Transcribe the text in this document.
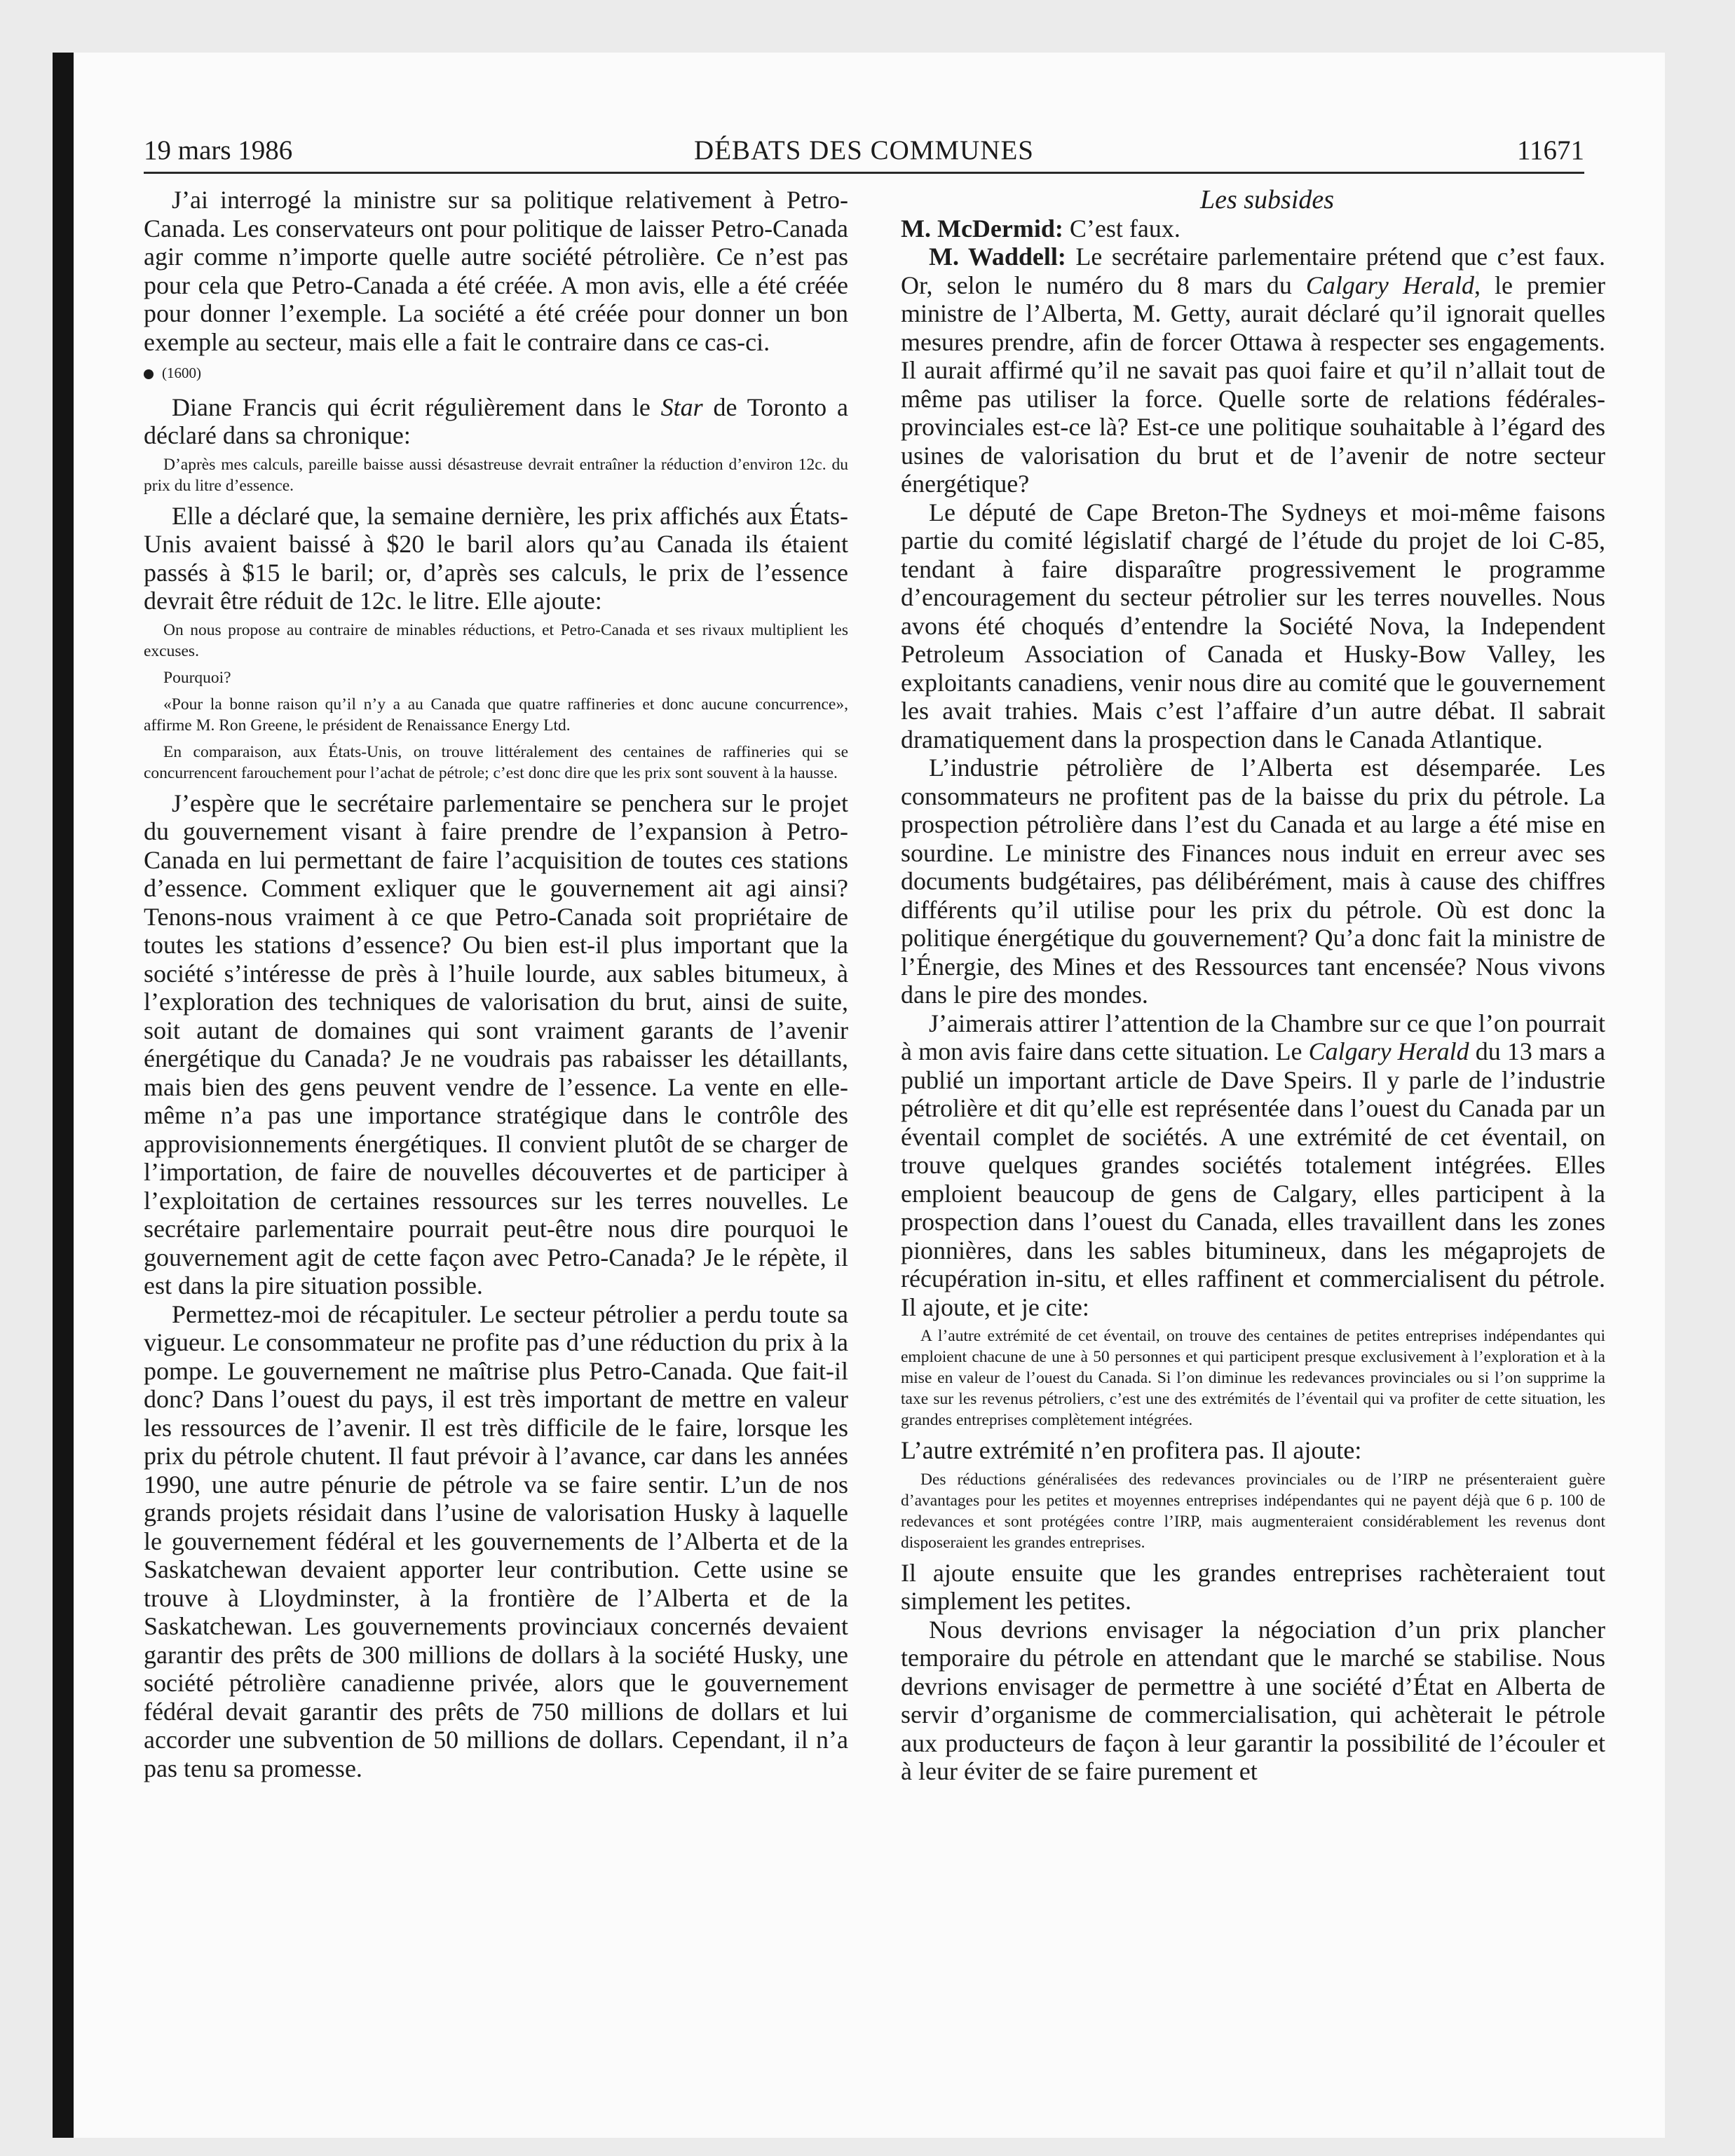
19 mars 1986	DÉBATS DES COMMUNES	11671

J’ai interrogé la ministre sur sa politique relativement à Petro-Canada. Les conservateurs ont pour politique de laisser Petro-Canada agir comme n’importe quelle autre société pétrolière. Ce n’est pas pour cela que Petro-Canada a été créée. A mon avis, elle a été créée pour donner l’exemple. La société a été créée pour donner un bon exemple au secteur, mais elle a fait le contraire dans ce cas-ci.

(1600)

Diane Francis qui écrit régulièrement dans le Star de Toronto a déclaré dans sa chronique:

D’après mes calculs, pareille baisse aussi désastreuse devrait entraîner la réduction d’environ 12c. du prix du litre d’essence.

Elle a déclaré que, la semaine dernière, les prix affichés aux États-Unis avaient baissé à $20 le baril alors qu’au Canada ils étaient passés à $15 le baril; or, d’après ses calculs, le prix de l’essence devrait être réduit de 12c. le litre. Elle ajoute:

On nous propose au contraire de minables réductions, et Petro-Canada et ses rivaux multiplient les excuses.

Pourquoi?

«Pour la bonne raison qu’il n’y a au Canada que quatre raffineries et donc aucune concurrence», affirme M. Ron Greene, le président de Renaissance Energy Ltd.

En comparaison, aux États-Unis, on trouve littéralement des centaines de raffineries qui se concurrencent farouchement pour l’achat de pétrole; c’est donc dire que les prix sont souvent à la hausse.

J’espère que le secrétaire parlementaire se penchera sur le projet du gouvernement visant à faire prendre de l’expansion à Petro-Canada en lui permettant de faire l’acquisition de toutes ces stations d’essence. Comment exliquer que le gouvernement ait agi ainsi? Tenons-nous vraiment à ce que Petro-Canada soit propriétaire de toutes les stations d’essence? Ou bien est-il plus important que la société s’intéresse de près à l’huile lourde, aux sables bitumeux, à l’exploration des techniques de valorisation du brut, ainsi de suite, soit autant de domaines qui sont vraiment garants de l’avenir énergétique du Canada? Je ne voudrais pas rabaisser les détaillants, mais bien des gens peuvent vendre de l’essence. La vente en elle-même n’a pas une importance stratégique dans le contrôle des approvisionnements énergétiques. Il convient plutôt de se charger de l’importation, de faire de nouvelles découvertes et de participer à l’exploitation de certaines ressources sur les terres nouvelles. Le secrétaire parlementaire pourrait peut-être nous dire pourquoi le gouvernement agit de cette façon avec Petro-Canada? Je le répète, il est dans la pire situation possible.

Permettez-moi de récapituler. Le secteur pétrolier a perdu toute sa vigueur. Le consommateur ne profite pas d’une réduction du prix à la pompe. Le gouvernement ne maîtrise plus Petro-Canada. Que fait-il donc? Dans l’ouest du pays, il est très important de mettre en valeur les ressources de l’avenir. Il est très difficile de le faire, lorsque les prix du pétrole chutent. Il faut prévoir à l’avance, car dans les années 1990, une autre pénurie de pétrole va se faire sentir. L’un de nos grands projets résidait dans l’usine de valorisation Husky à laquelle le gouvernement fédéral et les gouvernements de l’Alberta et de la Saskatchewan devaient apporter leur contribution. Cette usine se trouve à Lloydminster, à la frontière de l’Alberta et de la Saskatchewan. Les gouvernements provinciaux concernés devaient garantir des prêts de 300 millions de dollars à la société Husky, une société pétrolière canadienne privée, alors que le gouvernement fédéral devait garantir des prêts de 750 millions de dollars et lui accorder une subvention de 50 millions de dollars. Cependant, il n’a pas tenu sa promesse.

Les subsides

M. McDermid: C’est faux.

M. Waddell: Le secrétaire parlementaire prétend que c’est faux. Or, selon le numéro du 8 mars du Calgary Herald, le premier ministre de l’Alberta, M. Getty, aurait déclaré qu’il ignorait quelles mesures prendre, afin de forcer Ottawa à respecter ses engagements. Il aurait affirmé qu’il ne savait pas quoi faire et qu’il n’allait tout de même pas utiliser la force. Quelle sorte de relations fédérales-provinciales est-ce là? Est-ce une politique souhaitable à l’égard des usines de valorisation du brut et de l’avenir de notre secteur énergétique?

Le député de Cape Breton-The Sydneys et moi-même faisons partie du comité législatif chargé de l’étude du projet de loi C-85, tendant à faire disparaître progressivement le programme d’encouragement du secteur pétrolier sur les terres nouvelles. Nous avons été choqués d’entendre la Société Nova, la Independent Petroleum Association of Canada et Husky-Bow Valley, les exploitants canadiens, venir nous dire au comité que le gouvernement les avait trahies. Mais c’est l’affaire d’un autre débat. Il sabrait dramatiquement dans la prospection dans le Canada Atlantique.

L’industrie pétrolière de l’Alberta est désemparée. Les consommateurs ne profitent pas de la baisse du prix du pétrole. La prospection pétrolière dans l’est du Canada et au large a été mise en sourdine. Le ministre des Finances nous induit en erreur avec ses documents budgétaires, pas délibérément, mais à cause des chiffres différents qu’il utilise pour les prix du pétrole. Où est donc la politique énergétique du gouvernement? Qu’a donc fait la ministre de l’Énergie, des Mines et des Ressources tant encensée? Nous vivons dans le pire des mondes.

J’aimerais attirer l’attention de la Chambre sur ce que l’on pourrait à mon avis faire dans cette situation. Le Calgary Herald du 13 mars a publié un important article de Dave Speirs. Il y parle de l’industrie pétrolière et dit qu’elle est représentée dans l’ouest du Canada par un éventail complet de sociétés. A une extrémité de cet éventail, on trouve quelques grandes sociétés totalement intégrées. Elles emploient beaucoup de gens de Calgary, elles participent à la prospection dans l’ouest du Canada, elles travaillent dans les zones pionnières, dans les sables bitumineux, dans les mégaprojets de récupération in-situ, et elles raffinent et commercialisent du pétrole. Il ajoute, et je cite:

A l’autre extrémité de cet éventail, on trouve des centaines de petites entreprises indépendantes qui emploient chacune de une à 50 personnes et qui participent presque exclusivement à l’exploration et à la mise en valeur de l’ouest du Canada. Si l’on diminue les redevances provinciales ou si l’on supprime la taxe sur les revenus pétroliers, c’est une des extrémités de l’éventail qui va profiter de cette situation, les grandes entreprises complètement intégrées.

L’autre extrémité n’en profitera pas. Il ajoute:

Des réductions généralisées des redevances provinciales ou de l’IRP ne présenteraient guère d’avantages pour les petites et moyennes entreprises indépendantes qui ne payent déjà que 6 p. 100 de redevances et sont protégées contre l’IRP, mais augmenteraient considérablement les revenus dont disposeraient les grandes entreprises.

Il ajoute ensuite que les grandes entreprises rachèteraient tout simplement les petites.

Nous devrions envisager la négociation d’un prix plancher temporaire du pétrole en attendant que le marché se stabilise. Nous devrions envisager de permettre à une société d’État en Alberta de servir d’organisme de commercialisation, qui achèterait le pétrole aux producteurs de façon à leur garantir la possibilité de l’écouler et à leur éviter de se faire purement et
